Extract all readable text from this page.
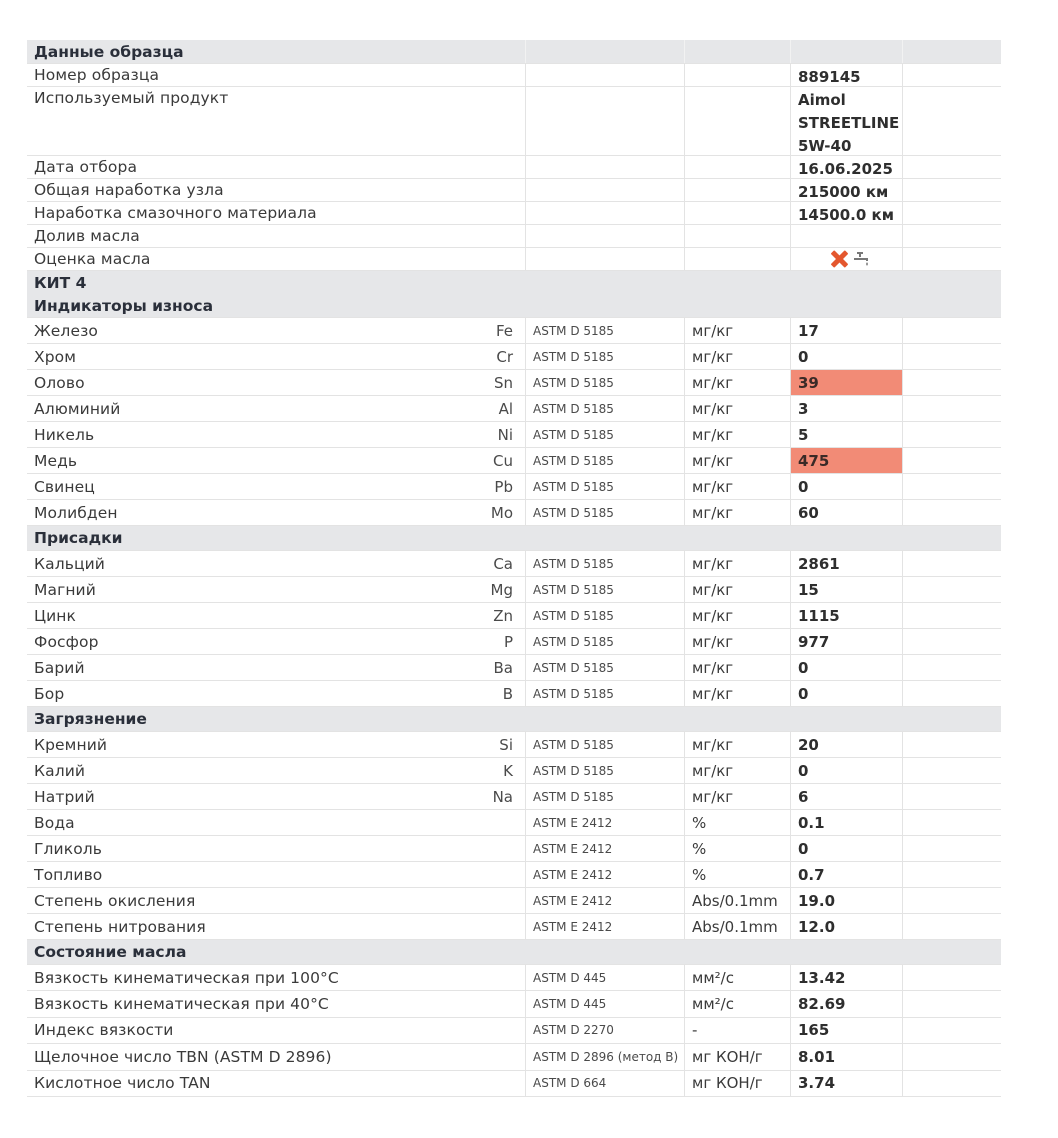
Данные образца
Номер образца	889145
Используемый продукт	Aimol STREETLINE 5W-40
Дата отбора	16.06.2025
Общая наработка узла	215000 км
Наработка смазочного материала	14500.0 км
Долив масла
Оценка масла
КИТ 4
Индикаторы износа
Железо	Fe	ASTM D 5185	мг/кг	17
Хром	Cr	ASTM D 5185	мг/кг	0
Олово	Sn	ASTM D 5185	мг/кг	39
Алюминий	Al	ASTM D 5185	мг/кг	3
Никель	Ni	ASTM D 5185	мг/кг	5
Медь	Cu	ASTM D 5185	мг/кг	475
Свинец	Pb	ASTM D 5185	мг/кг	0
Молибден	Mo	ASTM D 5185	мг/кг	60
Присадки
Кальций	Ca	ASTM D 5185	мг/кг	2861
Магний	Mg	ASTM D 5185	мг/кг	15
Цинк	Zn	ASTM D 5185	мг/кг	1115
Фосфор	P	ASTM D 5185	мг/кг	977
Барий	Ba	ASTM D 5185	мг/кг	0
Бор	B	ASTM D 5185	мг/кг	0
Загрязнение
Кремний	Si	ASTM D 5185	мг/кг	20
Калий	K	ASTM D 5185	мг/кг	0
Натрий	Na	ASTM D 5185	мг/кг	6
Вода	ASTM E 2412	%	0.1
Гликоль	ASTM E 2412	%	0
Топливо	ASTM E 2412	%	0.7
Степень окисления	ASTM E 2412	Abs/0.1mm	19.0
Степень нитрования	ASTM E 2412	Abs/0.1mm	12.0
Состояние масла
Вязкость кинематическая при 100°C	ASTM D 445	мм²/с	13.42
Вязкость кинематическая при 40°C	ASTM D 445	мм²/с	82.69
Индекс вязкости	ASTM D 2270	-	165
Щелочное число TBN (ASTM D 2896)	ASTM D 2896 (метод B) мг КОН/г	8.01
Кислотное число TAN	ASTM D 664	мг КОН/г	3.74
